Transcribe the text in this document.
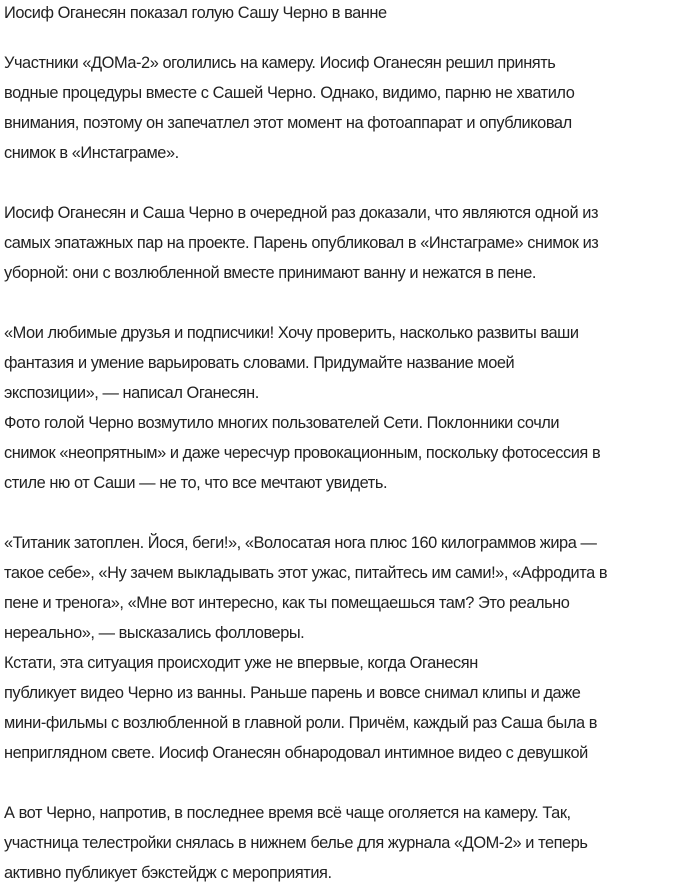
Иосиф Оганесян показал голую Сашу Черно в ванне
Участники «ДОМа-2» оголились на камеру. Иосиф Оганесян решил принять
водные процедуры вместе с Сашей Черно. Однако, видимо, парню не хватило
внимания, поэтому он запечатлел этот момент на фотоаппарат и опубликовал
снимок в «Инстаграме».
Иосиф Оганесян и Саша Черно в очередной раз доказали, что являются одной из
самых эпатажных пар на проекте. Парень опубликовал в «Инстаграме» снимок из
уборной: они с возлюбленной вместе принимают ванну и нежатся в пене.
«Мои любимые друзья и подписчики! Хочу проверить, насколько развиты ваши
фантазия и умение варьировать словами. Придумайте название моей
экспозиции», — написал Оганесян.
Фото голой Черно возмутило многих пользователей Сети. Поклонники сочли
снимок «неопрятным» и даже чересчур провокационным, поскольку фотосессия в
стиле ню от Саши — не то, что все мечтают увидеть.
«Титаник затоплен. Йося, беги!», «Волосатая нога плюс 160 килограммов жира —
такое себе», «Ну зачем выкладывать этот ужас, питайтесь им сами!», «Афродита в
пене и тренога», «Мне вот интересно, как ты помещаешься там? Это реально
нереально», — высказались фолловеры.
Кстати, эта ситуация происходит уже не впервые, когда Оганесян
публикует видео Черно из ванны. Раньше парень и вовсе снимал клипы и даже
мини-фильмы с возлюбленной в главной роли. Причём, каждый раз Саша была в
неприглядном свете. Иосиф Оганесян обнародовал интимное видео с девушкой
А вот Черно, напротив, в последнее время всё чаще оголяется на камеру. Так,
участница телестройки снялась в нижнем белье для журнала «ДОМ-2» и теперь
активно публикует бэкстейдж с мероприятия.
